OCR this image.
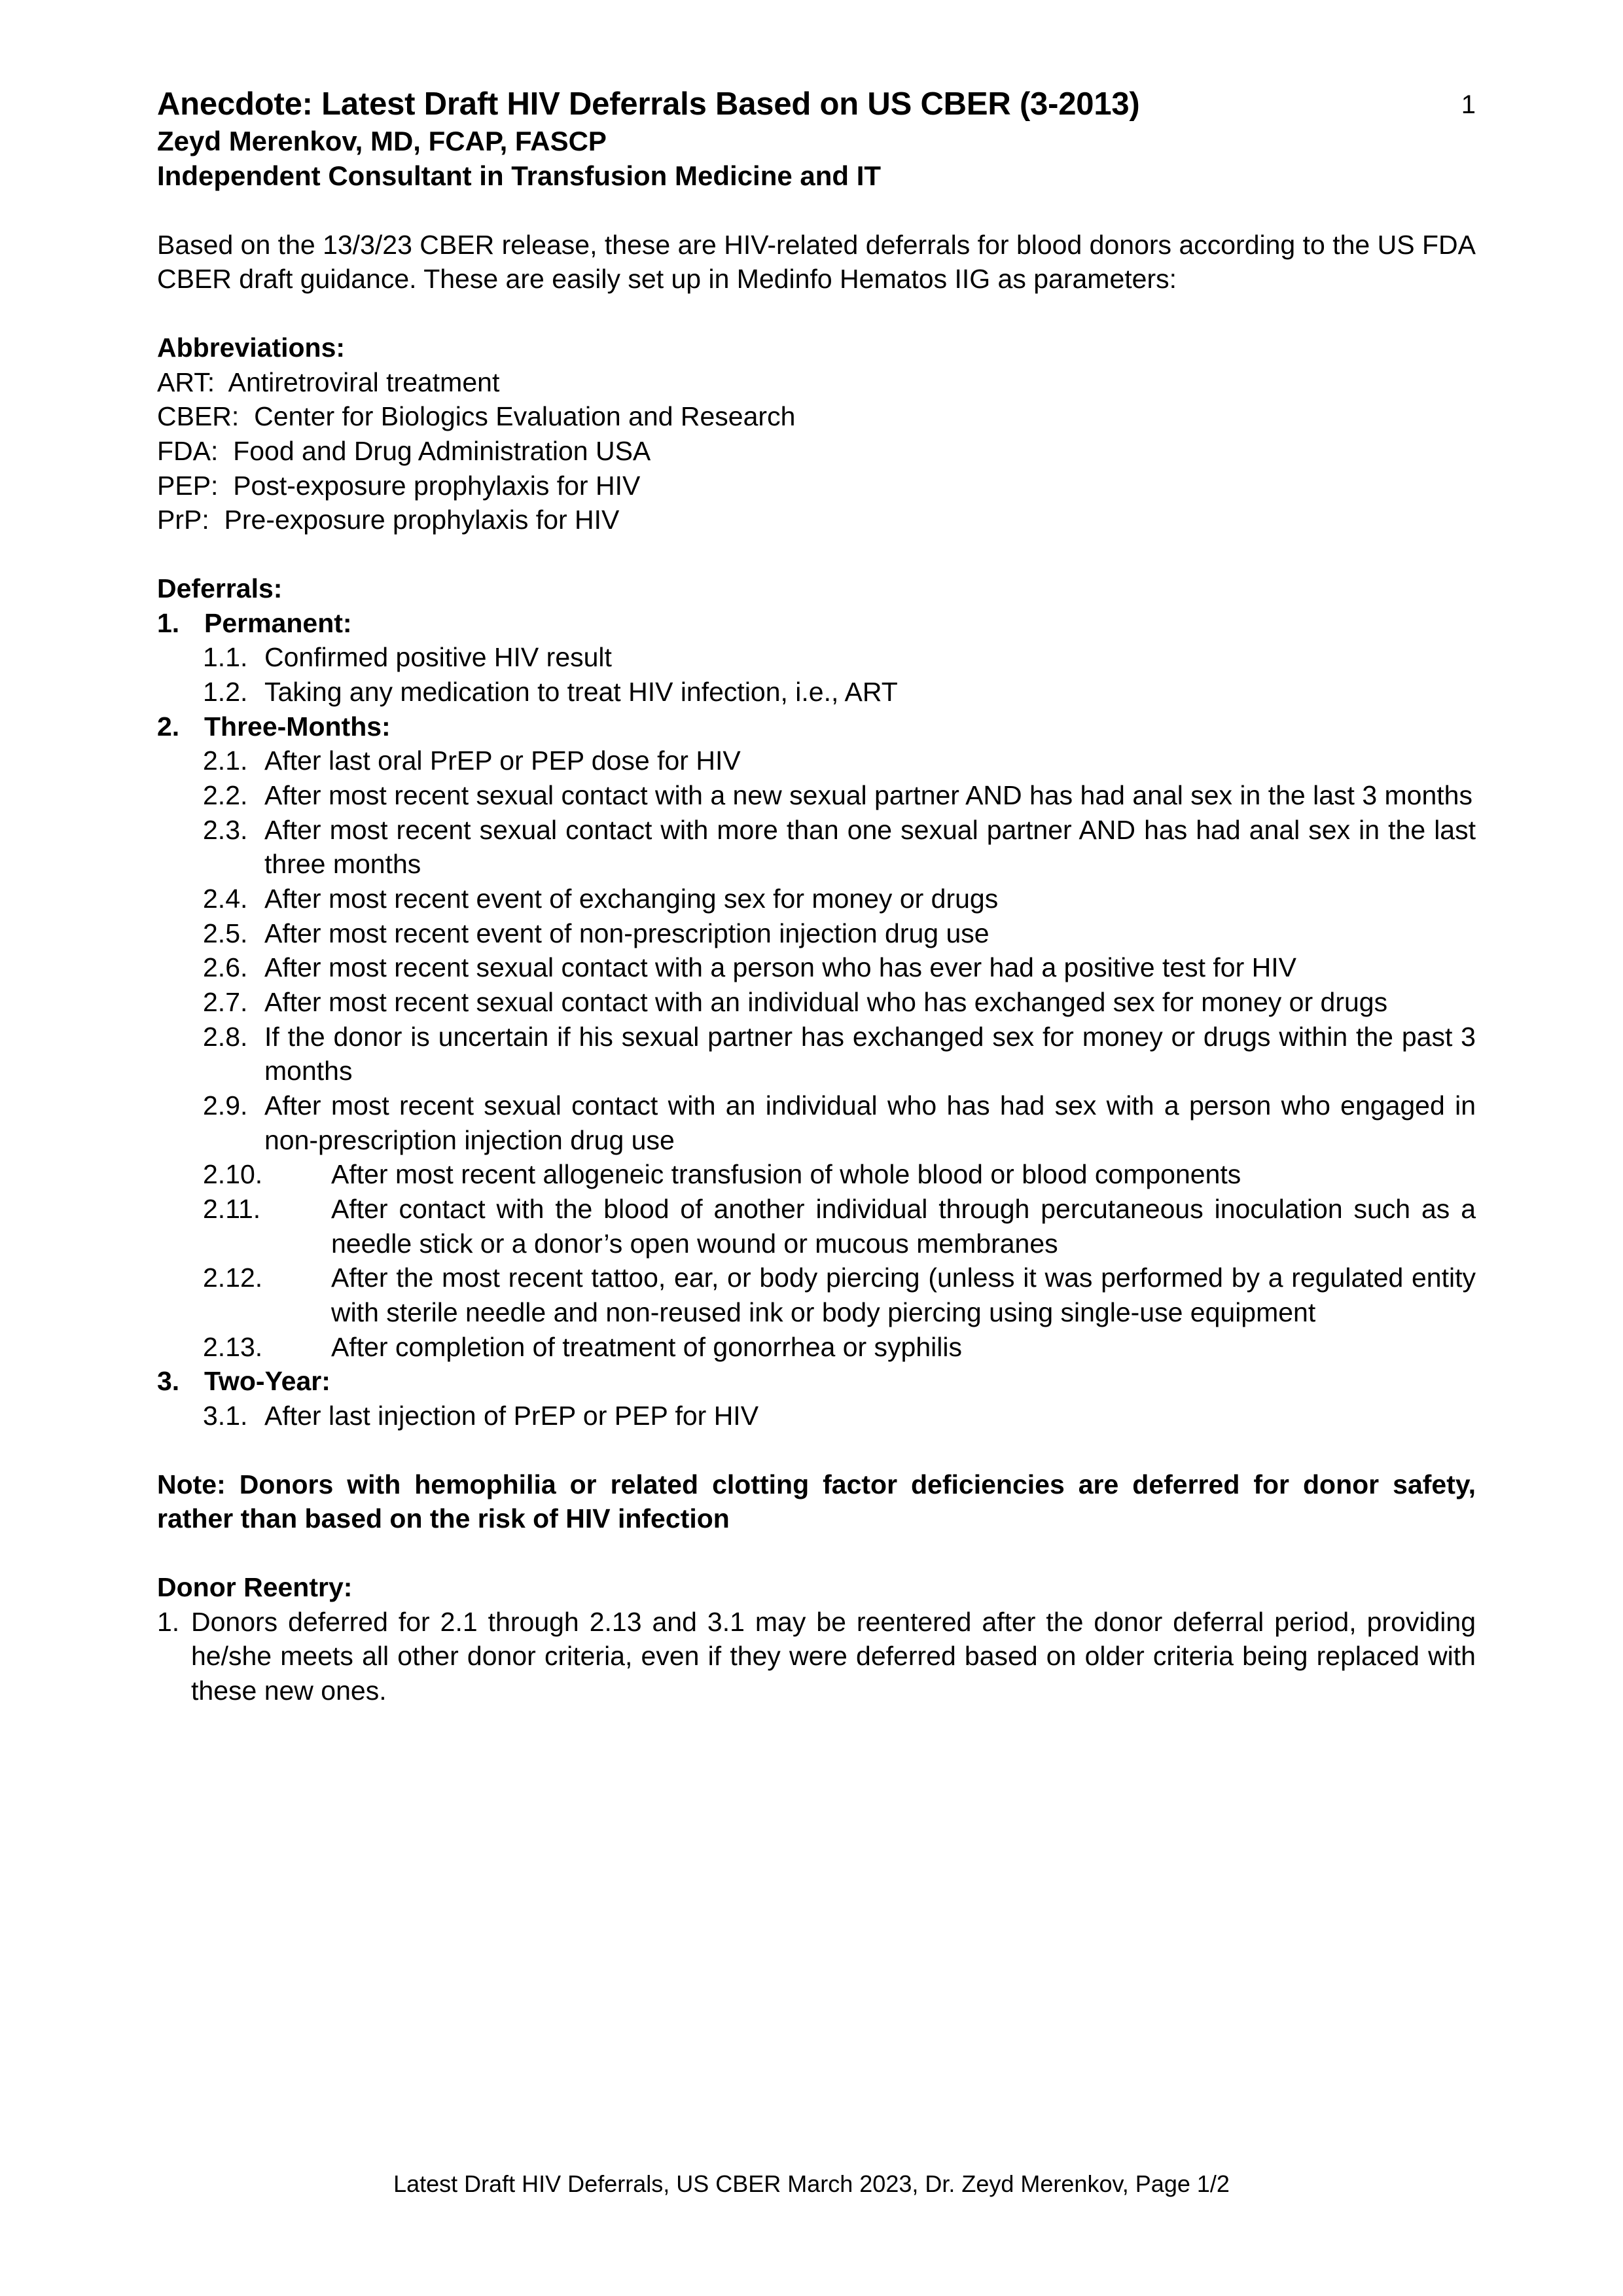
1
Anecdote: Latest Draft HIV Deferrals Based on US CBER (3-2013)
Zeyd Merenkov, MD, FCAP, FASCP
Independent Consultant in Transfusion Medicine and IT

Based on the 13/3/23 CBER release, these are HIV-related deferrals for blood donors according to the US FDA CBER draft guidance. These are easily set up in Medinfo Hematos IIG as parameters:

Abbreviations:
ART:  Antiretroviral treatment
CBER:  Center for Biologics Evaluation and Research
FDA:  Food and Drug Administration USA
PEP:  Post-exposure prophylaxis for HIV
PrP:  Pre-exposure prophylaxis for HIV
Deferrals:
1. Permanent:
1.1. Confirmed positive HIV result
1.2. Taking any medication to treat HIV infection, i.e., ART
2. Three-Months:
2.1. After last oral PrEP or PEP dose for HIV
2.2. After most recent sexual contact with a new sexual partner AND has had anal sex in the last 3 months
2.3. After most recent sexual contact with more than one sexual partner AND has had anal sex in the last three months
2.4. After most recent event of exchanging sex for money or drugs
2.5. After most recent event of non-prescription injection drug use
2.6. After most recent sexual contact with a person who has ever had a positive test for HIV
2.7. After most recent sexual contact with an individual who has exchanged sex for money or drugs
2.8. If the donor is uncertain if his sexual partner has exchanged sex for money or drugs within the past 3 months
2.9. After most recent sexual contact with an individual who has had sex with a person who engaged in non-prescription injection drug use
2.10.	After most recent allogeneic transfusion of whole blood or blood components
2.11.	After contact with the blood of another individual through percutaneous inoculation such as a needle stick or a donor’s open wound or mucous membranes
2.12.	After the most recent tattoo, ear, or body piercing (unless it was performed by a regulated entity with sterile needle and non-reused ink or body piercing using single-use equipment
2.13.	After completion of treatment of gonorrhea or syphilis
3. Two-Year:
3.1. After last injection of PrEP or PEP for HIV

Note: Donors with hemophilia or related clotting factor deficiencies are deferred for donor safety, rather than based on the risk of HIV infection

Donor Reentry:
1. Donors deferred for 2.1 through 2.13 and 3.1 may be reentered after the donor deferral period, providing he/she meets all other donor criteria, even if they were deferred based on older criteria being replaced with these new ones.
Latest Draft HIV Deferrals, US CBER March 2023, Dr. Zeyd Merenkov, Page 1/2
